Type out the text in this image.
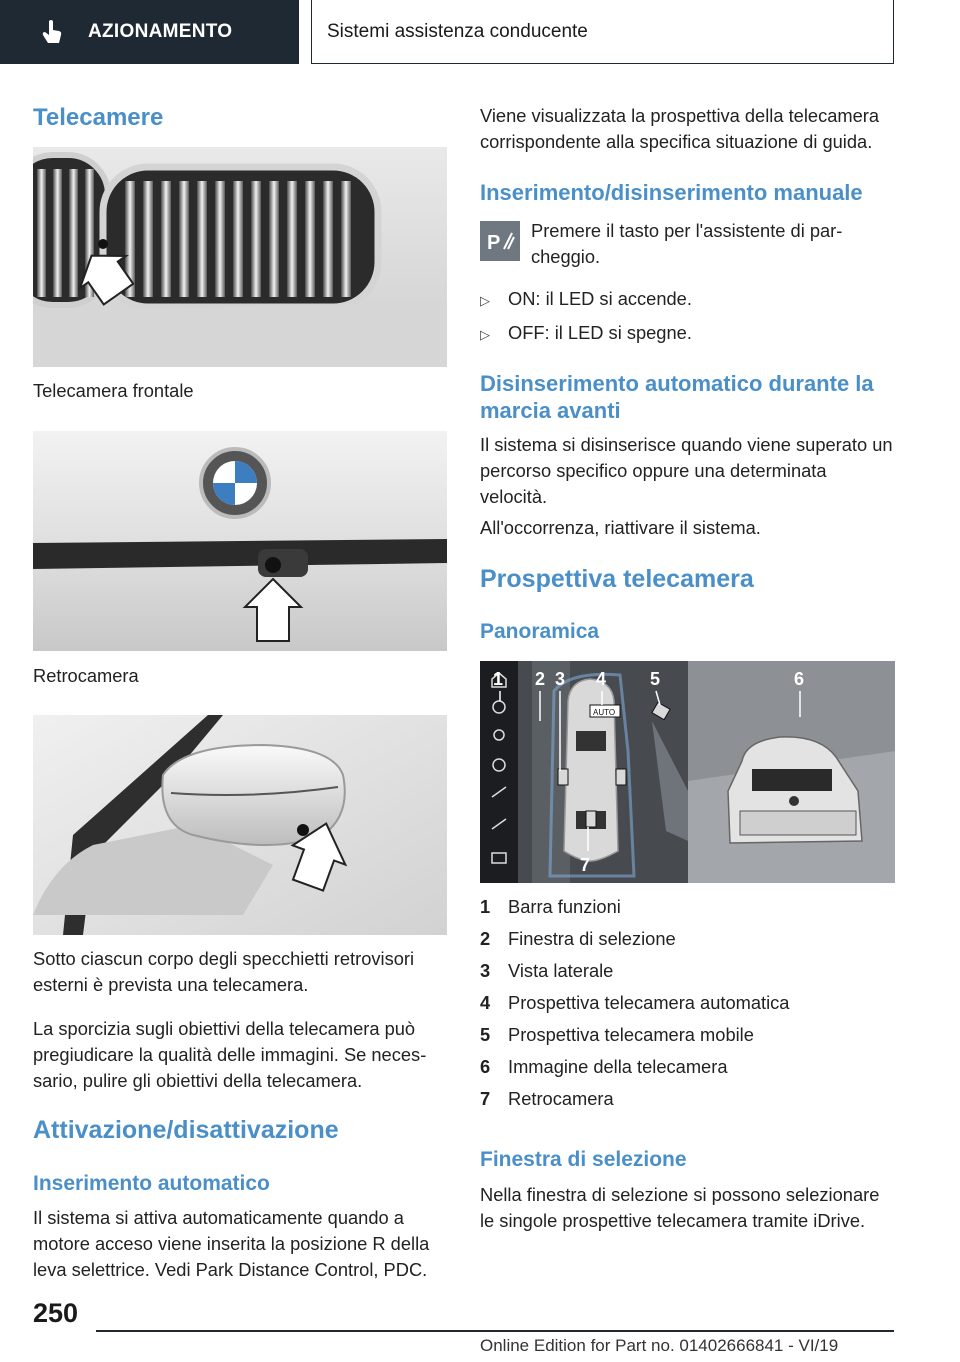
AZIONAMENTO	Sistemi assistenza conducente
Telecamere
Telecamera frontale
Retrocamera
Sotto ciascun corpo degli specchietti retrovisori esterni è prevista una telecamera.
La sporcizia sugli obiettivi della telecamera può pregiudicare la qualità delle immagini. Se necessario, pulire gli obiettivi della telecamera.
Attivazione/disattivazione
Inserimento automatico
Il sistema si attiva automaticamente quando a motore acceso viene inserita la posizione R della leva selettrice. Vedi Park Distance Control, PDC.
Viene visualizzata la prospettiva della telecamera corrispondente alla specifica situazione di guida.
Inserimento/disinserimento manuale
P
Premere il tasto per l'assistente di parcheggio.
▷ ON: il LED si accende.
▷ OFF: il LED si spegne.
Disinserimento automatico durante la marcia avanti
Il sistema si disinserisce quando viene superato un percorso specifico oppure una determinata velocità.
All'occorrenza, riattivare il sistema.
Prospettiva telecamera
Panoramica
AUTO
1 2 3 4 5	6
7
1 Barra funzioni
2 Finestra di selezione
3 Vista laterale
4 Prospettiva telecamera automatica
5 Prospettiva telecamera mobile
6 Immagine della telecamera
7 Retrocamera
Finestra di selezione
Nella finestra di selezione si possono selezionare le singole prospettive telecamera tramite iDrive.
250
Online Edition for Part no. 01402666841 - VI/19
